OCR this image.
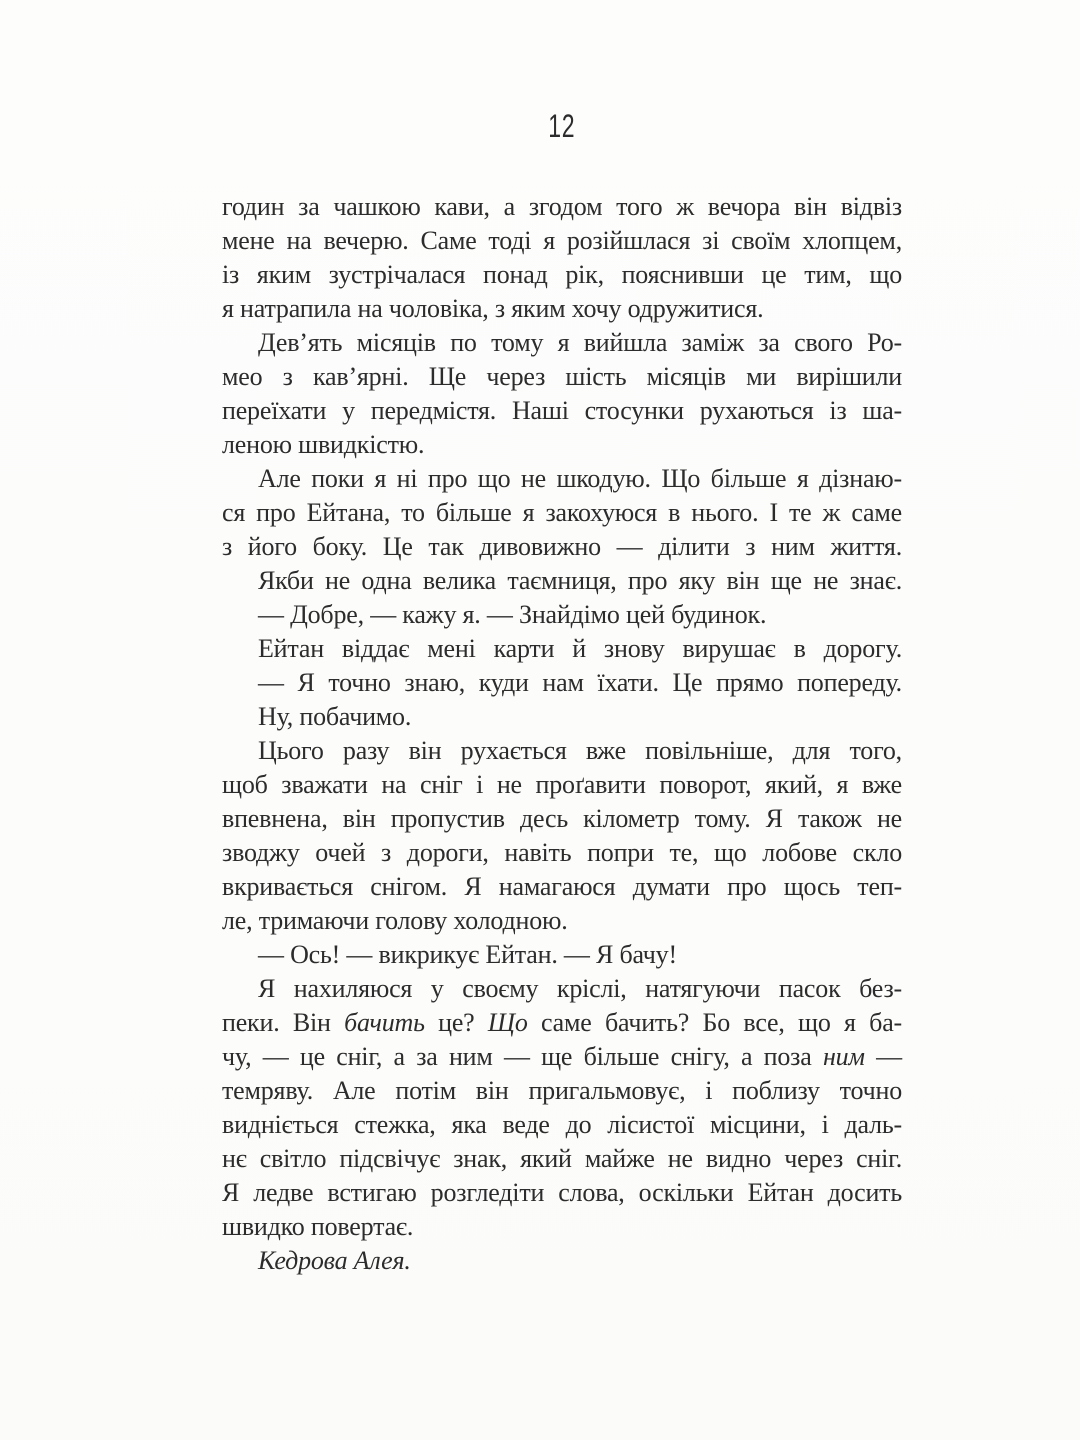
12
годин за чашкою кави, а згодом того ж вечора він відвіз
мене на вечерю. Саме тоді я розійшлася зі своїм хлопцем,
із яким зустрічалася понад рік, пояснивши це тим, що
я натрапила на чоловіка, з яким хочу одружитися.
Дев’ять місяців по тому я вийшла заміж за свого Ро-
мео з кав’ярні. Ще через шість місяців ми вирішили
переїхати у передмістя. Наші стосунки рухаються із ша-
леною швидкістю.
Але поки я ні про що не шкодую. Що більше я дізнаю-
ся про Ейтана, то більше я закохуюся в нього. І те ж саме
з його боку. Це так дивовижно — ділити з ним життя.
Якби не одна велика таємниця, про яку він ще не знає.
— Добре, — кажу я. — Знайдімо цей будинок.
Ейтан віддає мені карти й знову вирушає в дорогу.
— Я точно знаю, куди нам їхати. Це прямо попереду.
Ну, побачимо.
Цього разу він рухається вже повільніше, для того,
щоб зважати на сніг і не проґавити поворот, який, я вже
впевнена, він пропустив десь кілометр тому. Я також не
зводжу очей з дороги, навіть попри те, що лобове скло
вкривається снігом. Я намагаюся думати про щось теп-
ле, тримаючи голову холодною.
— Ось! — викрикує Ейтан. — Я бачу!
Я нахиляюся у своєму кріслі, натягуючи пасок без-
пеки. Він бачить це? Що саме бачить? Бо все, що я ба-
чу, — це сніг, а за ним — ще більше снігу, а поза ним —
темряву. Але потім він пригальмовує, і поблизу точно
видніється стежка, яка веде до лісистої місцини, і даль-
нє світло підсвічує знак, який майже не видно через сніг.
Я ледве встигаю розгледіти слова, оскільки Ейтан досить
швидко повертає.
Кедрова Алея.
